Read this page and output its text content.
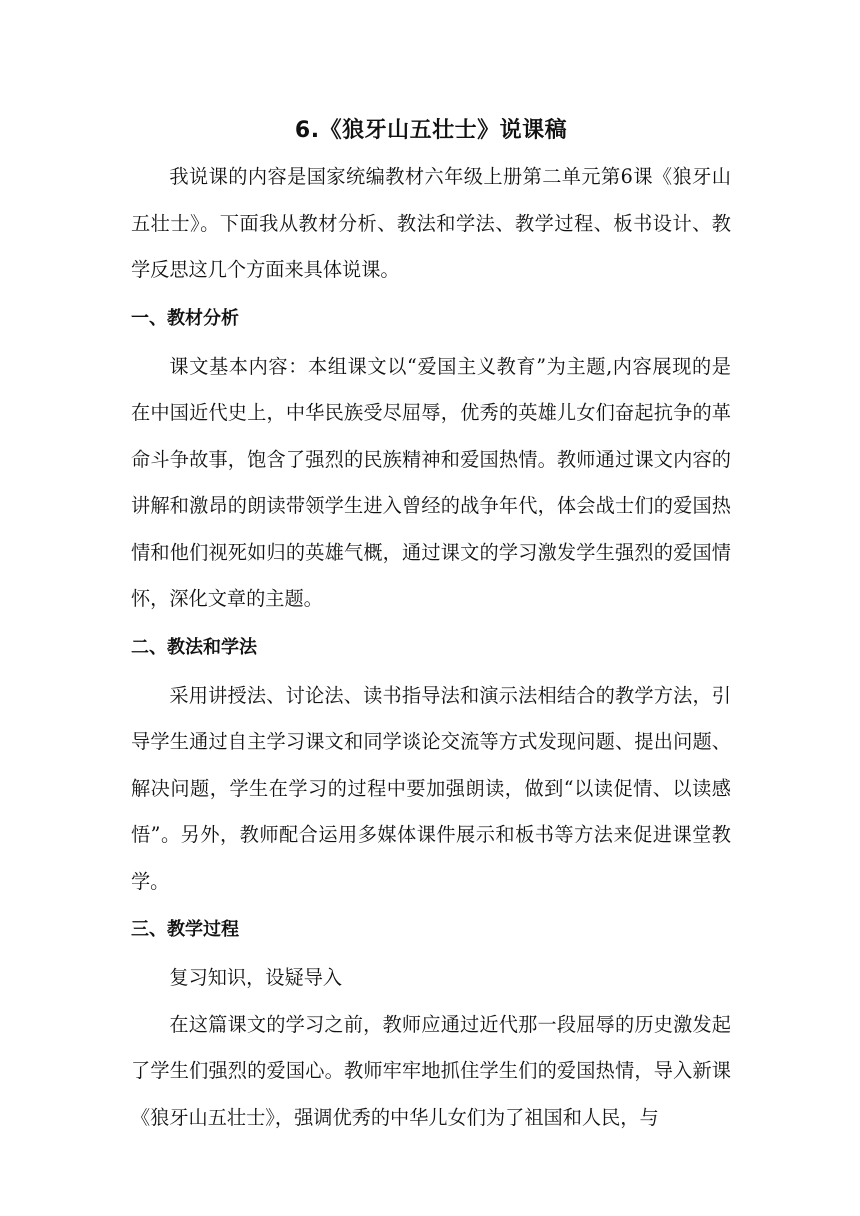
6.《狼牙山五壮士》说课稿

我说课的内容是国家统编教材六年级上册第二单元第6课《狼牙山五壮士》。下面我从教材分析、教法和学法、教学过程、板书设计、教学反思这几个方面来具体说课。

一、教材分析

课文基本内容：本组课文以“爱国主义教育”为主题,内容展现的是在中国近代史上，中华民族受尽屈辱，优秀的英雄儿女们奋起抗争的革命斗争故事，饱含了强烈的民族精神和爱国热情。教师通过课文内容的讲解和激昂的朗读带领学生进入曾经的战争年代，体会战士们的爱国热情和他们视死如归的英雄气概，通过课文的学习激发学生强烈的爱国情怀，深化文章的主题。

二、教法和学法

采用讲授法、讨论法、读书指导法和演示法相结合的教学方法，引导学生通过自主学习课文和同学谈论交流等方式发现问题、提出问题、解决问题，学生在学习的过程中要加强朗读，做到“以读促情、以读感悟”。另外，教师配合运用多媒体课件展示和板书等方法来促进课堂教学。

三、教学过程

复习知识，设疑导入

在这篇课文的学习之前，教师应通过近代那一段屈辱的历史激发起了学生们强烈的爱国心。教师牢牢地抓住学生们的爱国热情，导入新课《狼牙山五壮士》，强调优秀的中华儿女们为了祖国和人民，与
